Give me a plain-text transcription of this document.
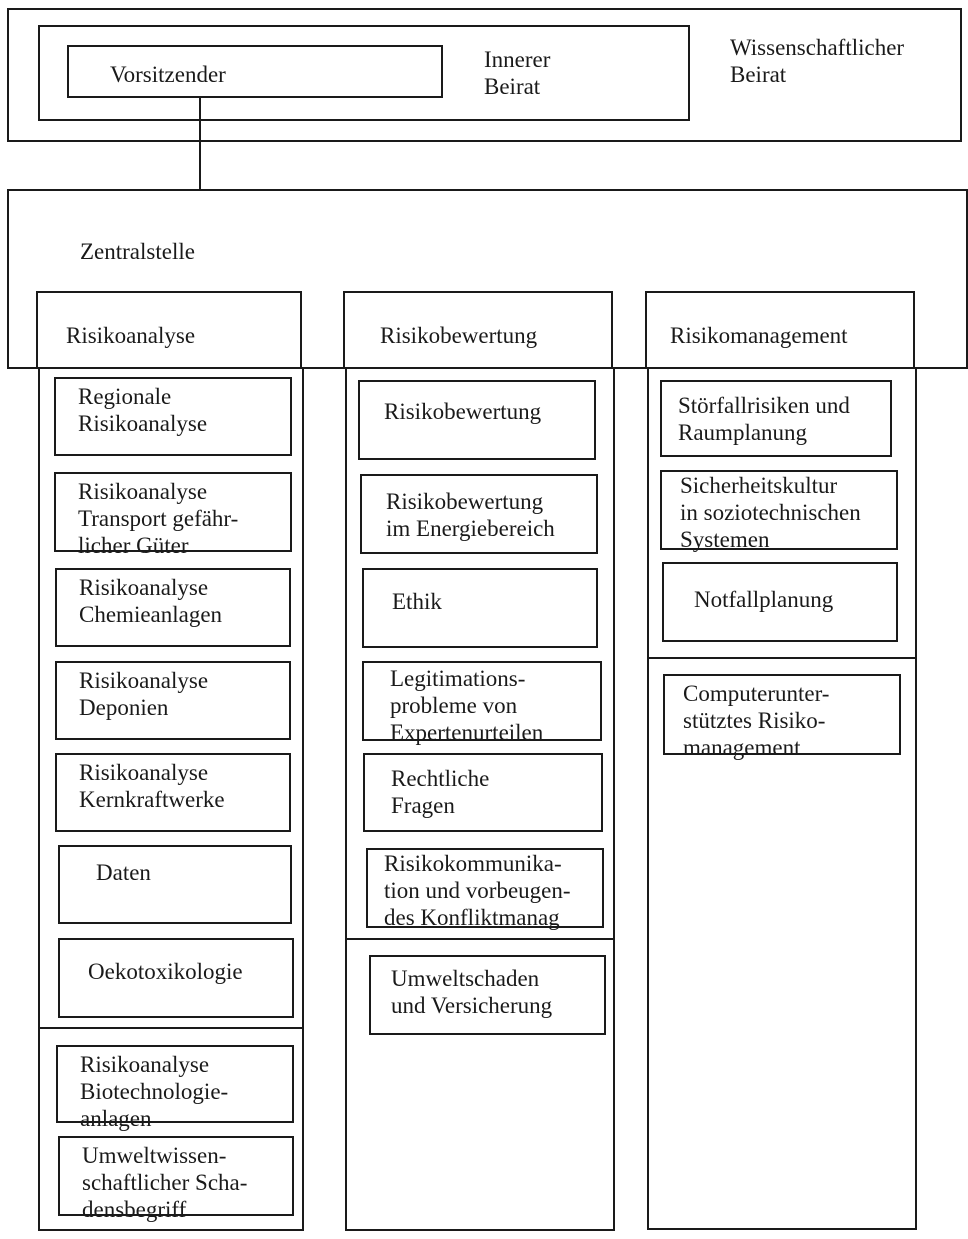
Wissenschaftlicher
Beirat
Innerer
Beirat
Vorsitzender
Zentralstelle
Risikoanalyse
Regionale
Risikoanalyse
Risikoanalyse
Transport gefähr-
licher Güter
Risikoanalyse
Chemieanlagen
Risikoanalyse
Deponien
Risikoanalyse
Kernkraftwerke
Daten
Oekotoxikologie
Risikoanalyse
Biotechnologie-
anlagen
Umweltwissen-
schaftlicher Scha-
densbegriff
Risikobewertung
Risikobewertung
Risikobewertung
im Energiebereich
Ethik
Legitimations-
probleme von
Expertenurteilen
Rechtliche
Fragen
Risikokommunika-
tion und vorbeugen-
des Konfliktmanag
Umweltschaden
und Versicherung
Risikomanagement
Störfallrisiken und
Raumplanung
Sicherheitskultur
in soziotechnischen
Systemen
Notfallplanung
Computerunter-
stütztes Risiko-
management
